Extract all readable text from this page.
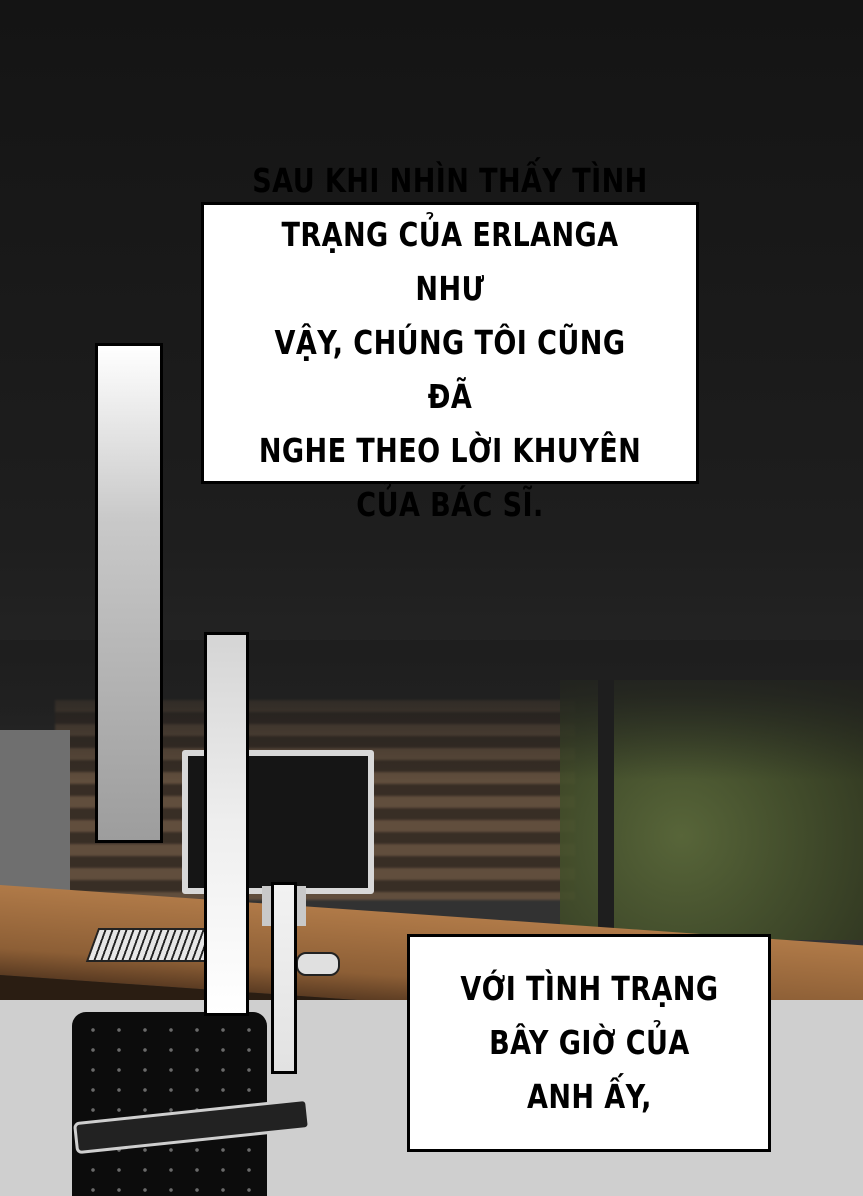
SAU KHI NHÌN THẤY TÌNH
TRẠNG CỦA ERLANGA NHƯ
VẬY, CHÚNG TÔI CŨNG ĐÃ
NGHE THEO LỜI KHUYÊN
CỦA BÁC SĨ.
VỚI TÌNH TRẠNG
BÂY GIỜ CỦA
ANH ẤY,
